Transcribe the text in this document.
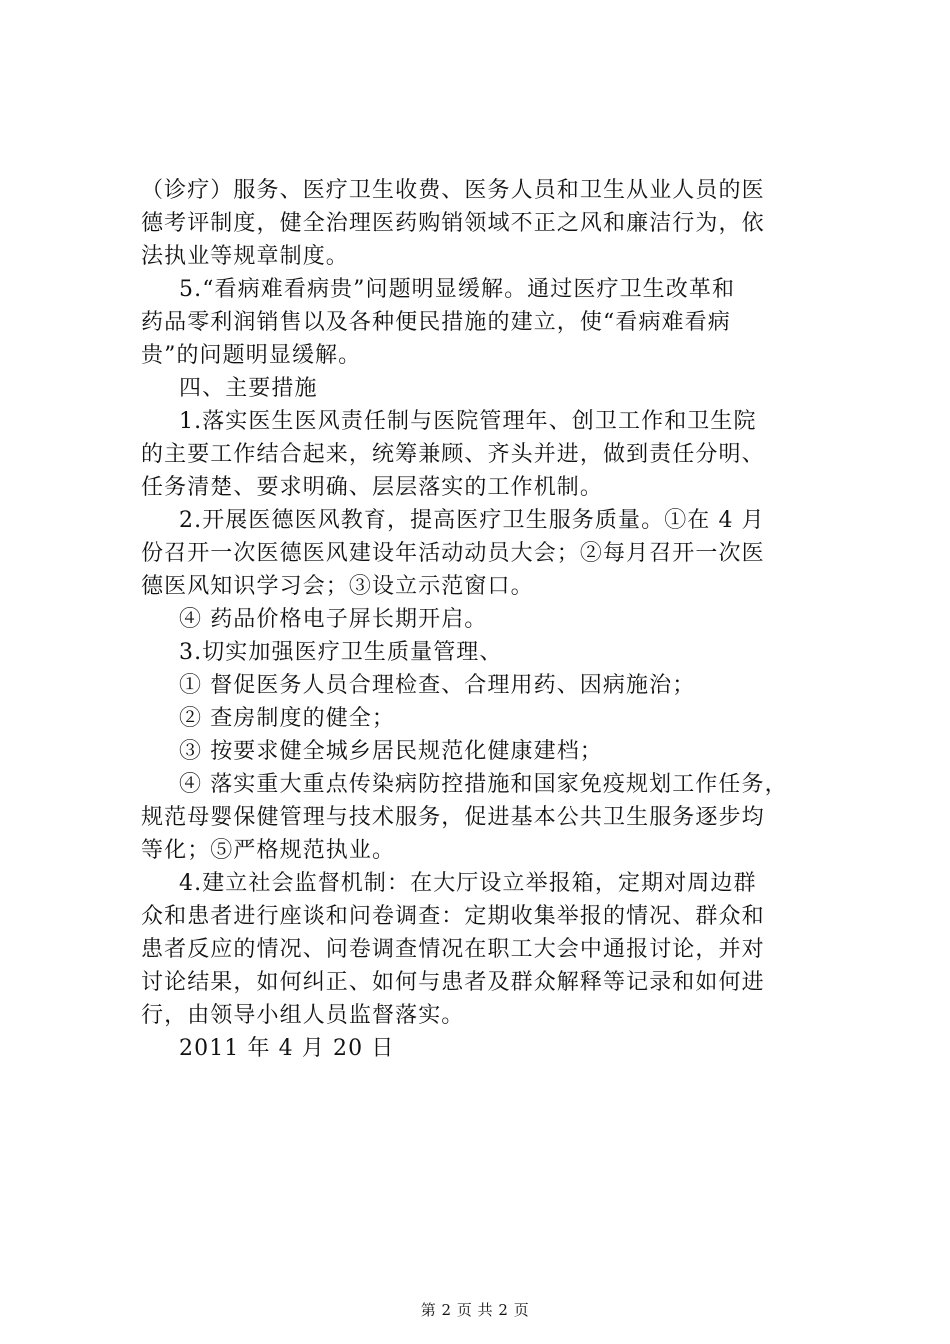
（诊疗）服务、医疗卫生收费、医务人员和卫生从业人员的医
德考评制度，健全治理医药购销领域不正之风和廉洁行为，依
法执业等规章制度。
5.“看病难看病贵”问题明显缓解。通过医疗卫生改革和
药品零利润销售以及各种便民措施的建立，使“看病难看病
贵”的问题明显缓解。
四、主要措施
1.落实医生医风责任制与医院管理年、创卫工作和卫生院
的主要工作结合起来，统筹兼顾、齐头并进，做到责任分明、
任务清楚、要求明确、层层落实的工作机制。
2.开展医德医风教育，提高医疗卫生服务质量。①在 4 月
份召开一次医德医风建设年活动动员大会；②每月召开一次医
德医风知识学习会；③设立示范窗口。
④ 药品价格电子屏长期开启。
3.切实加强医疗卫生质量管理、
① 督促医务人员合理检查、合理用药、因病施治；
② 查房制度的健全；
③ 按要求健全城乡居民规范化健康建档；
④ 落实重大重点传染病防控措施和国家免疫规划工作任务，
规范母婴保健管理与技术服务，促进基本公共卫生服务逐步均
等化；⑤严格规范执业。
4.建立社会监督机制：在大厅设立举报箱，定期对周边群
众和患者进行座谈和问卷调查：定期收集举报的情况、群众和
患者反应的情况、问卷调查情况在职工大会中通报讨论，并对
讨论结果，如何纠正、如何与患者及群众解释等记录和如何进
行，由领导小组人员监督落实。
2011 年 4 月 20 日
第 2 页 共 2 页
